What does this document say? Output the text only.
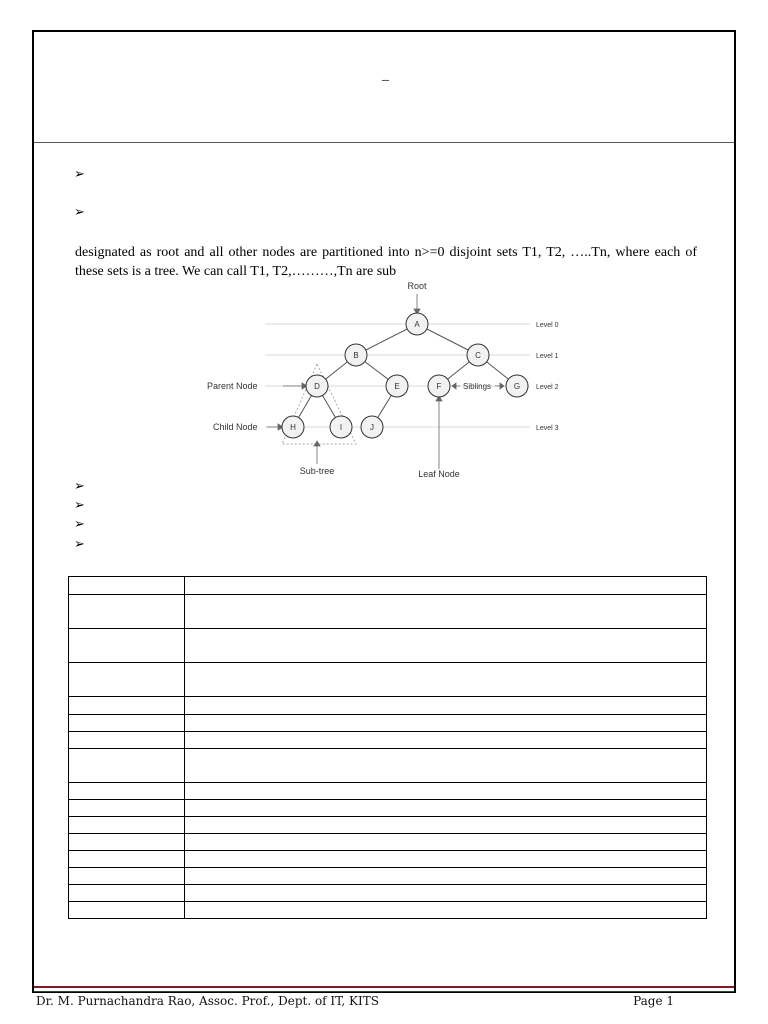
_
➢
➢
designated as root and all other nodes are partitioned into n>=0 disjoint sets T1, T2, …..Tn, where each of these sets is a tree. We can call T1, T2,………,Tn are sub
A
B	C
D	E	F	G
H	I	J
Root
Parent Node
Child Node
Siblings
Sub-tree	Leaf Node
Level 0
Level 1
Level 2
Level 3
➢
➢
➢
➢

Dr. M. Purnachandra Rao, Assoc. Prof., Dept. of IT, KITS	Page 1
